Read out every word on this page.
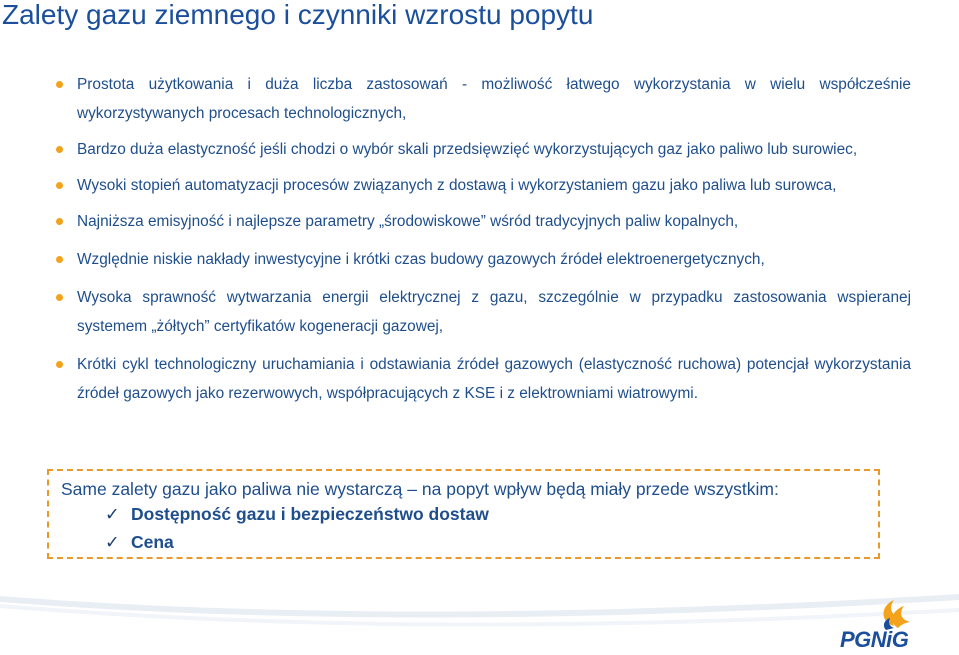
Zalety gazu ziemnego i czynniki wzrostu popytu
Prostota użytkowania i duża liczba zastosowań - możliwość łatwego wykorzystania w wielu współcześnie wykorzystywanych procesach technologicznych,
Bardzo duża elastyczność jeśli chodzi o wybór skali przedsięwzięć wykorzystujących gaz jako paliwo lub surowiec,
Wysoki stopień automatyzacji procesów związanych z dostawą i wykorzystaniem gazu jako paliwa lub surowca,
Najniższa emisyjność i najlepsze parametry „środowiskowe” wśród tradycyjnych paliw kopalnych,
Względnie niskie nakłady inwestycyjne i krótki czas budowy gazowych źródeł elektroenergetycznych,
Wysoka sprawność wytwarzania energii elektrycznej z gazu, szczególnie w przypadku zastosowania wspieranej systemem „żółtych” certyfikatów kogeneracji gazowej,
Krótki cykl technologiczny uruchamiania i odstawiania źródeł gazowych (elastyczność ruchowa) potencjał wykorzystania źródeł gazowych jako rezerwowych, współpracujących z KSE i z elektrowniami wiatrowymi.
Same zalety gazu jako paliwa nie wystarczą – na popyt wpływ będą miały przede wszystkim:
✓ Dostępność gazu i bezpieczeństwo dostaw
✓ Cena
PGNiG
